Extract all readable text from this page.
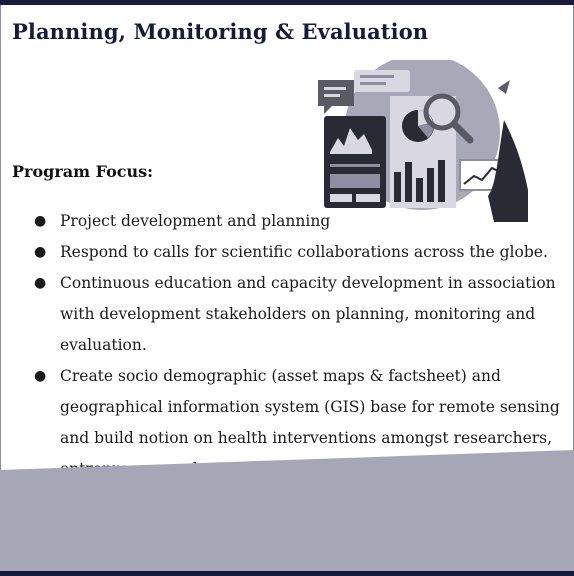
Planning, Monitoring & Evaluation
Program Focus:
● Project development and planning
● Respond to calls for scientific collaborations across the globe.
● Continuous education and capacity development in association with development stakeholders on planning, monitoring and evaluation.
● Create socio demographic (asset maps & factsheet) and geographical information system (GIS) base for remote sensing and build notion on health interventions amongst researchers,
